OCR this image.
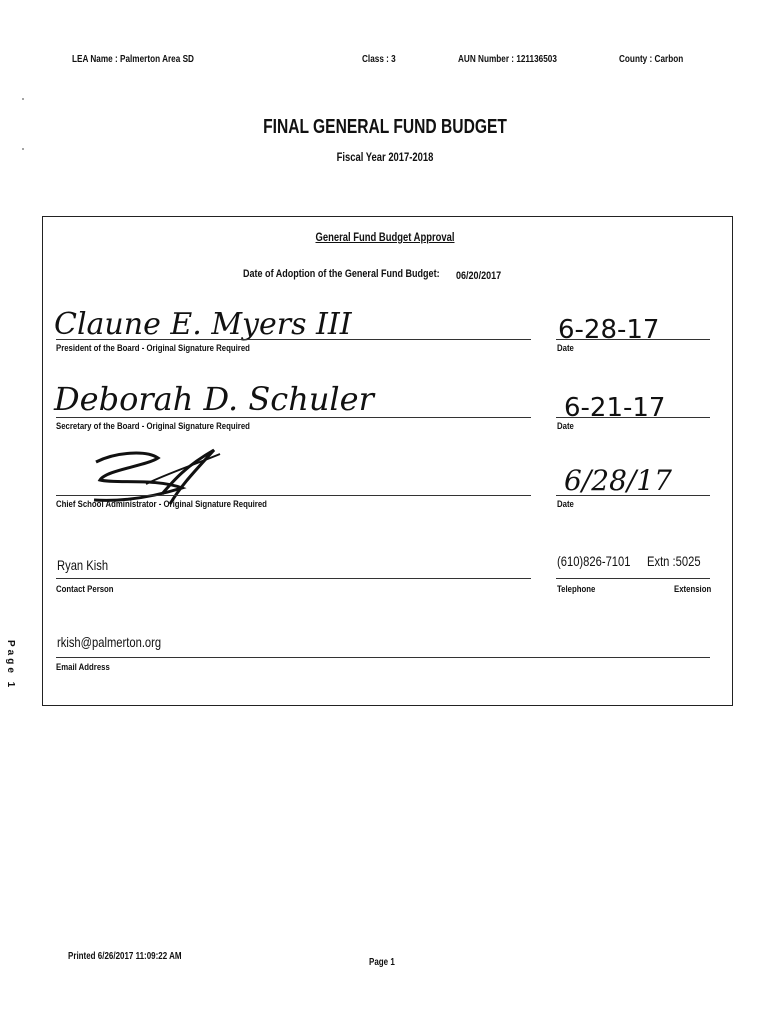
LEA Name : Palmerton Area SD	Class : 3	AUN Number : 121136503	County : Carbon
FINAL GENERAL FUND BUDGET
Fiscal Year 2017-2018
General Fund Budget Approval
Date of Adoption of the General Fund Budget: 06/20/2017
Claune E. Myers III
President of the Board - Original Signature Required
6-28-17
Date
Deborah D. Schuler
Secretary of the Board - Original Signature Required
6-21-17
Date
Chief School Administrator - Original Signature Required
6/28/17
Date
Ryan Kish
Contact Person
(610)826-7101 Extn :5025
Telephone	Extension
rkish@palmerton.org
Email Address
Page 1
Printed 6/26/2017 11:09:22 AM
Page 1
